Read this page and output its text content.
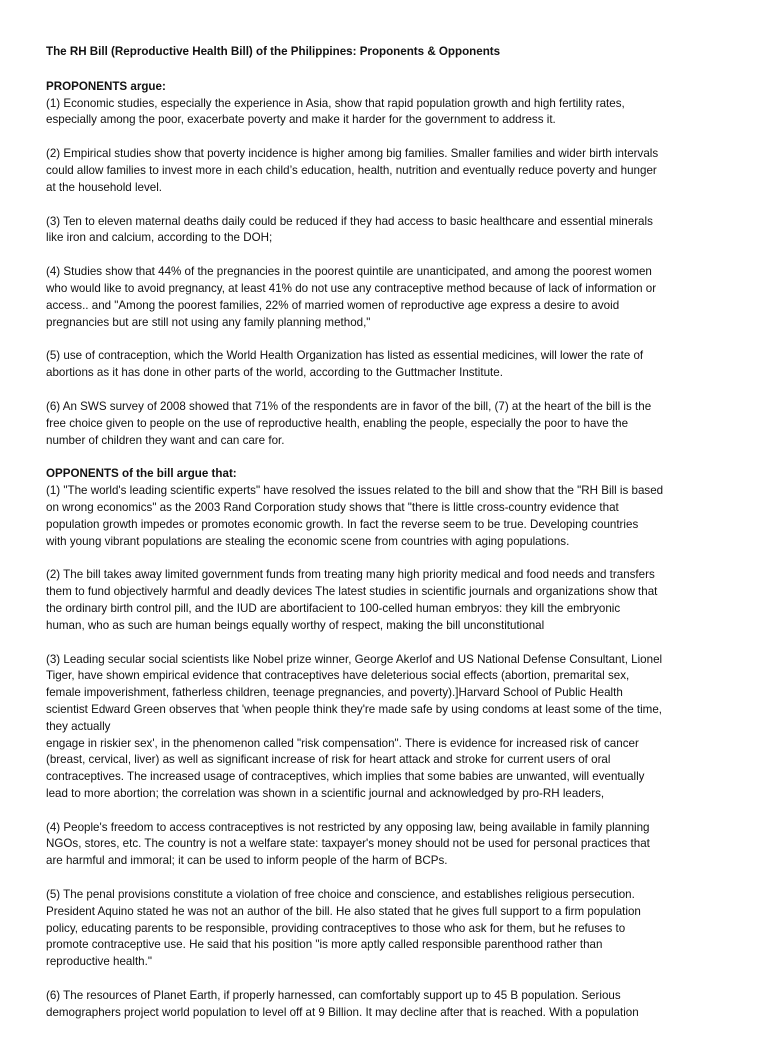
The RH Bill (Reproductive Health Bill) of the Philippines: Proponents & Opponents
PROPONENTS argue:
(1) Economic studies, especially the experience in Asia, show that rapid population growth and high fertility rates,
especially among the poor, exacerbate poverty and make it harder for the government to address it.
(2) Empirical studies show that poverty incidence is higher among big families. Smaller families and wider birth intervals
could allow families to invest more in each child’s education, health, nutrition and eventually reduce poverty and hunger
at the household level.
(3) Ten to eleven maternal deaths daily could be reduced if they had access to basic healthcare and essential minerals
like iron and calcium, according to the DOH;
(4) Studies show that 44% of the pregnancies in the poorest quintile are unanticipated, and among the poorest women
who would like to avoid pregnancy, at least 41% do not use any contraceptive method because of lack of information or
access.. and "Among the poorest families, 22% of married women of reproductive age express a desire to avoid
pregnancies but are still not using any family planning method,"
(5) use of contraception, which the World Health Organization has listed as essential medicines, will lower the rate of
abortions as it has done in other parts of the world, according to the Guttmacher Institute.
(6) An SWS survey of 2008 showed that 71% of the respondents are in favor of the bill, (7) at the heart of the bill is the
free choice given to people on the use of reproductive health, enabling the people, especially the poor to have the
number of children they want and can care for.
OPPONENTS of the bill argue that:
(1) "The world's leading scientific experts" have resolved the issues related to the bill and show that the "RH Bill is based
on wrong economics" as the 2003 Rand Corporation study shows that "there is little cross-country evidence that
population growth impedes or promotes economic growth. In fact the reverse seem to be true. Developing countries
with young vibrant populations are stealing the economic scene from countries with aging populations.
(2) The bill takes away limited government funds from treating many high priority medical and food needs and transfers
them to fund objectively harmful and deadly devices The latest studies in scientific journals and organizations show that
the ordinary birth control pill, and the IUD are abortifacient to 100-celled human embryos: they kill the embryonic
human, who as such are human beings equally worthy of respect, making the bill unconstitutional
(3) Leading secular social scientists like Nobel prize winner, George Akerlof and US National Defense Consultant, Lionel
Tiger, have shown empirical evidence that contraceptives have deleterious social effects (abortion, premarital sex,
female impoverishment, fatherless children, teenage pregnancies, and poverty).]Harvard School of Public Health
scientist Edward Green observes that 'when people think they're made safe by using condoms at least some of the time,
they actually
engage in riskier sex', in the phenomenon called "risk compensation". There is evidence for increased risk of cancer
(breast, cervical, liver) as well as significant increase of risk for heart attack and stroke for current users of oral
contraceptives. The increased usage of contraceptives, which implies that some babies are unwanted, will eventually
lead to more abortion; the correlation was shown in a scientific journal and acknowledged by pro-RH leaders,
(4) People's freedom to access contraceptives is not restricted by any opposing law, being available in family planning
NGOs, stores, etc. The country is not a welfare state: taxpayer's money should not be used for personal practices that
are harmful and immoral; it can be used to inform people of the harm of BCPs.
(5) The penal provisions constitute a violation of free choice and conscience, and establishes religious persecution.
President Aquino stated he was not an author of the bill. He also stated that he gives full support to a firm population
policy, educating parents to be responsible, providing contraceptives to those who ask for them, but he refuses to
promote contraceptive use. He said that his position "is more aptly called responsible parenthood rather than
reproductive health."
(6) The resources of Planet Earth, if properly harnessed, can comfortably support up to 45 B population. Serious
demographers project world population to level off at 9 Billion. It may decline after that is reached. With a population
